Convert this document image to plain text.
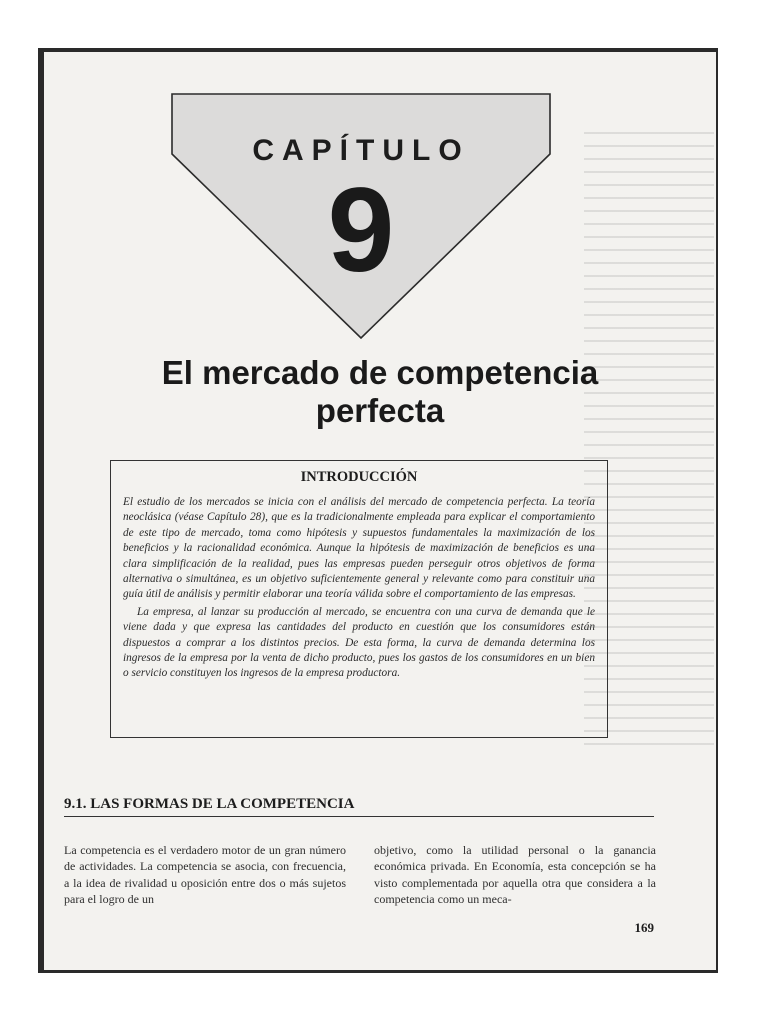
CAPÍTULO
9
El mercado de competencia
perfecta
INTRODUCCIÓN

El estudio de los mercados se inicia con el análisis del mercado de competencia perfecta. La teoría neoclásica (véase Capítulo 28), que es la tradicionalmente empleada para explicar el comportamiento de este tipo de mercado, toma como hipótesis y supuestos fundamentales la maximización de los beneficios y la racionalidad económica. Aunque la hipótesis de maximización de beneficios es una clara simplificación de la realidad, pues las empresas pueden perseguir otros objetivos de forma alternativa o simultánea, es un objetivo suficientemente general y relevante como para constituir una guía útil de análisis y permitir elaborar una teoría válida sobre el comportamiento de las empresas.

La empresa, al lanzar su producción al mercado, se encuentra con una curva de demanda que le viene dada y que expresa las cantidades del producto en cuestión que los consumidores están dispuestos a comprar a los distintos precios. De esta forma, la curva de demanda determina los ingresos de la empresa por la venta de dicho producto, pues los gastos de los consumidores en un bien o servicio constituyen los ingresos de la empresa productora.

9.1. LAS FORMAS DE LA COMPETENCIA

La competencia es el verdadero motor de un gran número de actividades. La competencia se asocia, con frecuencia, a la idea de rivalidad u oposición entre dos o más sujetos para el logro de un

objetivo, como la utilidad personal o la ganancia económica privada. En Economía, esta concepción se ha visto complementada por aquella otra que considera a la competencia como un meca-

169
